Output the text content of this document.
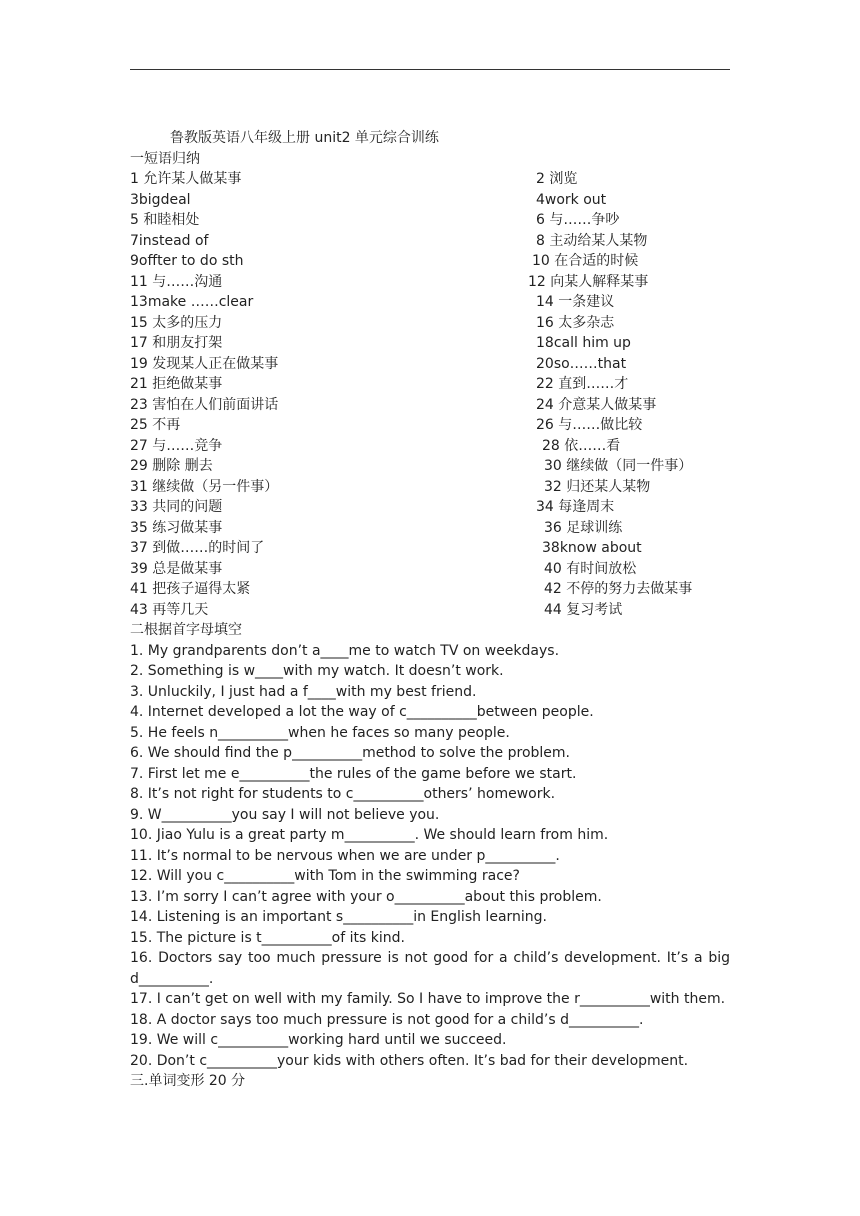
鲁教版英语八年级上册 unit2 单元综合训练
一短语归纳
1 允许某人做某事	2 浏览
3bigdeal	4work out
5 和睦相处	6 与……争吵
7instead of	8 主动给某人某物
9offter to do sth	10 在合适的时候
11 与……沟通	12 向某人解释某事
13make ……clear	14 一条建议
15 太多的压力	16 太多杂志
17 和朋友打架	18call him up
19 发现某人正在做某事	20so……that
21 拒绝做某事	22 直到……才
23 害怕在人们前面讲话	24 介意某人做某事
25 不再	26 与……做比较
27 与……竞争	28 依……看
29 删除 删去	30 继续做（同一件事）
31 继续做（另一件事）	32 归还某人某物
33 共同的问题	34 每逢周末
35 练习做某事	36 足球训练
37 到做……的时间了	38know about
39 总是做某事	40 有时间放松
41 把孩子逼得太紧	42 不停的努力去做某事
43 再等几天	44 复习考试
二根据首字母填空
1. My grandparents don’t a____me to watch TV on weekdays.
2. Something is w____with my watch. It doesn’t work.
3. Unluckily, I just had a f____with my best friend.
4. Internet developed a lot the way of c__________between people.
5. He feels n__________when he faces so many people.
6. We should find the p__________method to solve the problem.
7. First let me e__________the rules of the game before we start.
8. It’s not right for students to c__________others’ homework.
9. W__________you say I will not believe you.
10. Jiao Yulu is a great party m__________. We should learn from him.
11. It’s normal to be nervous when we are under p__________.
12. Will you c__________with Tom in the swimming race?
13. I’m sorry I can’t agree with your o__________about this problem.
14. Listening is an important s__________in English learning.
15. The picture is t__________of its kind.
16. Doctors say too much pressure is not good for a child’s development. It’s a big d__________.
17. I can’t get on well with my family. So I have to improve the r__________with them.
18. A doctor says too much pressure is not good for a child’s d__________.
19. We will c__________working hard until we succeed.
20. Don’t c__________your kids with others often. It’s bad for their development.
三.单词变形 20 分
